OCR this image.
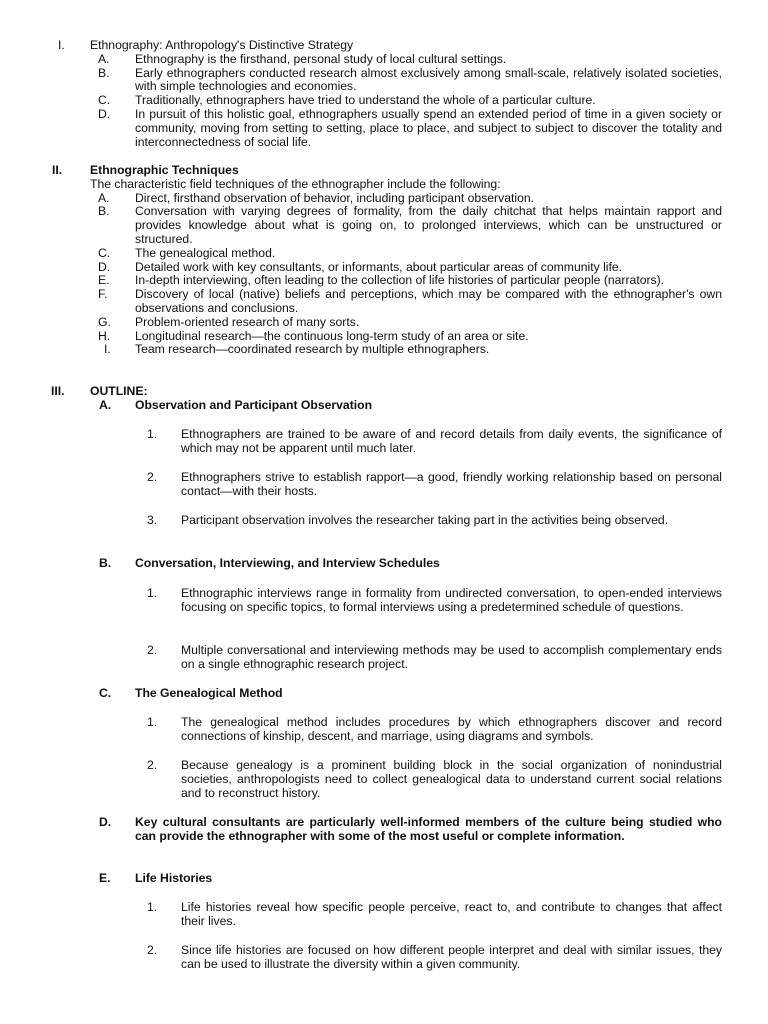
I.	Ethnography: Anthropology's Distinctive Strategy
A.	Ethnography is the firsthand, personal study of local cultural settings.
B.	Early ethnographers conducted research almost exclusively among small-scale, relatively isolated societies, with simple technologies and economies.
C.	Traditionally, ethnographers have tried to understand the whole of a particular culture.
D.	In pursuit of this holistic goal, ethnographers usually spend an extended period of time in a given society or community, moving from setting to setting, place to place, and subject to subject to discover the totality and interconnectedness of social life.
II.	Ethnographic Techniques
The characteristic field techniques of the ethnographer include the following:
A.	Direct, firsthand observation of behavior, including participant observation.
B.	Conversation with varying degrees of formality, from the daily chitchat that helps maintain rapport and provides knowledge about what is going on, to prolonged interviews, which can be unstructured or structured.
C.	The genealogical method.
D.	Detailed work with key consultants, or informants, about particular areas of community life.
E.	In-depth interviewing, often leading to the collection of life histories of particular people (narrators).
F.	Discovery of local (native) beliefs and perceptions, which may be compared with the ethnographer's own observations and conclusions.
G.	Problem-oriented research of many sorts.
H.	Longitudinal research—the continuous long-term study of an area or site.
I.	Team research—coordinated research by multiple ethnographers.
III.	OUTLINE:
A.	Observation and Participant Observation
1.	Ethnographers are trained to be aware of and record details from daily events, the significance of which may not be apparent until much later.
2.	Ethnographers strive to establish rapport—a good, friendly working relationship based on personal contact—with their hosts.
3.	Participant observation involves the researcher taking part in the activities being observed.
B.	Conversation, Interviewing, and Interview Schedules
1.	Ethnographic interviews range in formality from undirected conversation, to open-ended interviews focusing on specific topics, to formal interviews using a predetermined schedule of questions.
2.	Multiple conversational and interviewing methods may be used to accomplish complementary ends on a single ethnographic research project.
C.	The Genealogical Method
1.	The genealogical method includes procedures by which ethnographers discover and record connections of kinship, descent, and marriage, using diagrams and symbols.
2.	Because genealogy is a prominent building block in the social organization of nonindustrial societies, anthropologists need to collect genealogical data to understand current social relations and to reconstruct history.
D.	Key cultural consultants are particularly well-informed members of the culture being studied who can provide the ethnographer with some of the most useful or complete information.
E.	Life Histories
1.	Life histories reveal how specific people perceive, react to, and contribute to changes that affect their lives.
2.	Since life histories are focused on how different people interpret and deal with similar issues, they can be used to illustrate the diversity within a given community.
